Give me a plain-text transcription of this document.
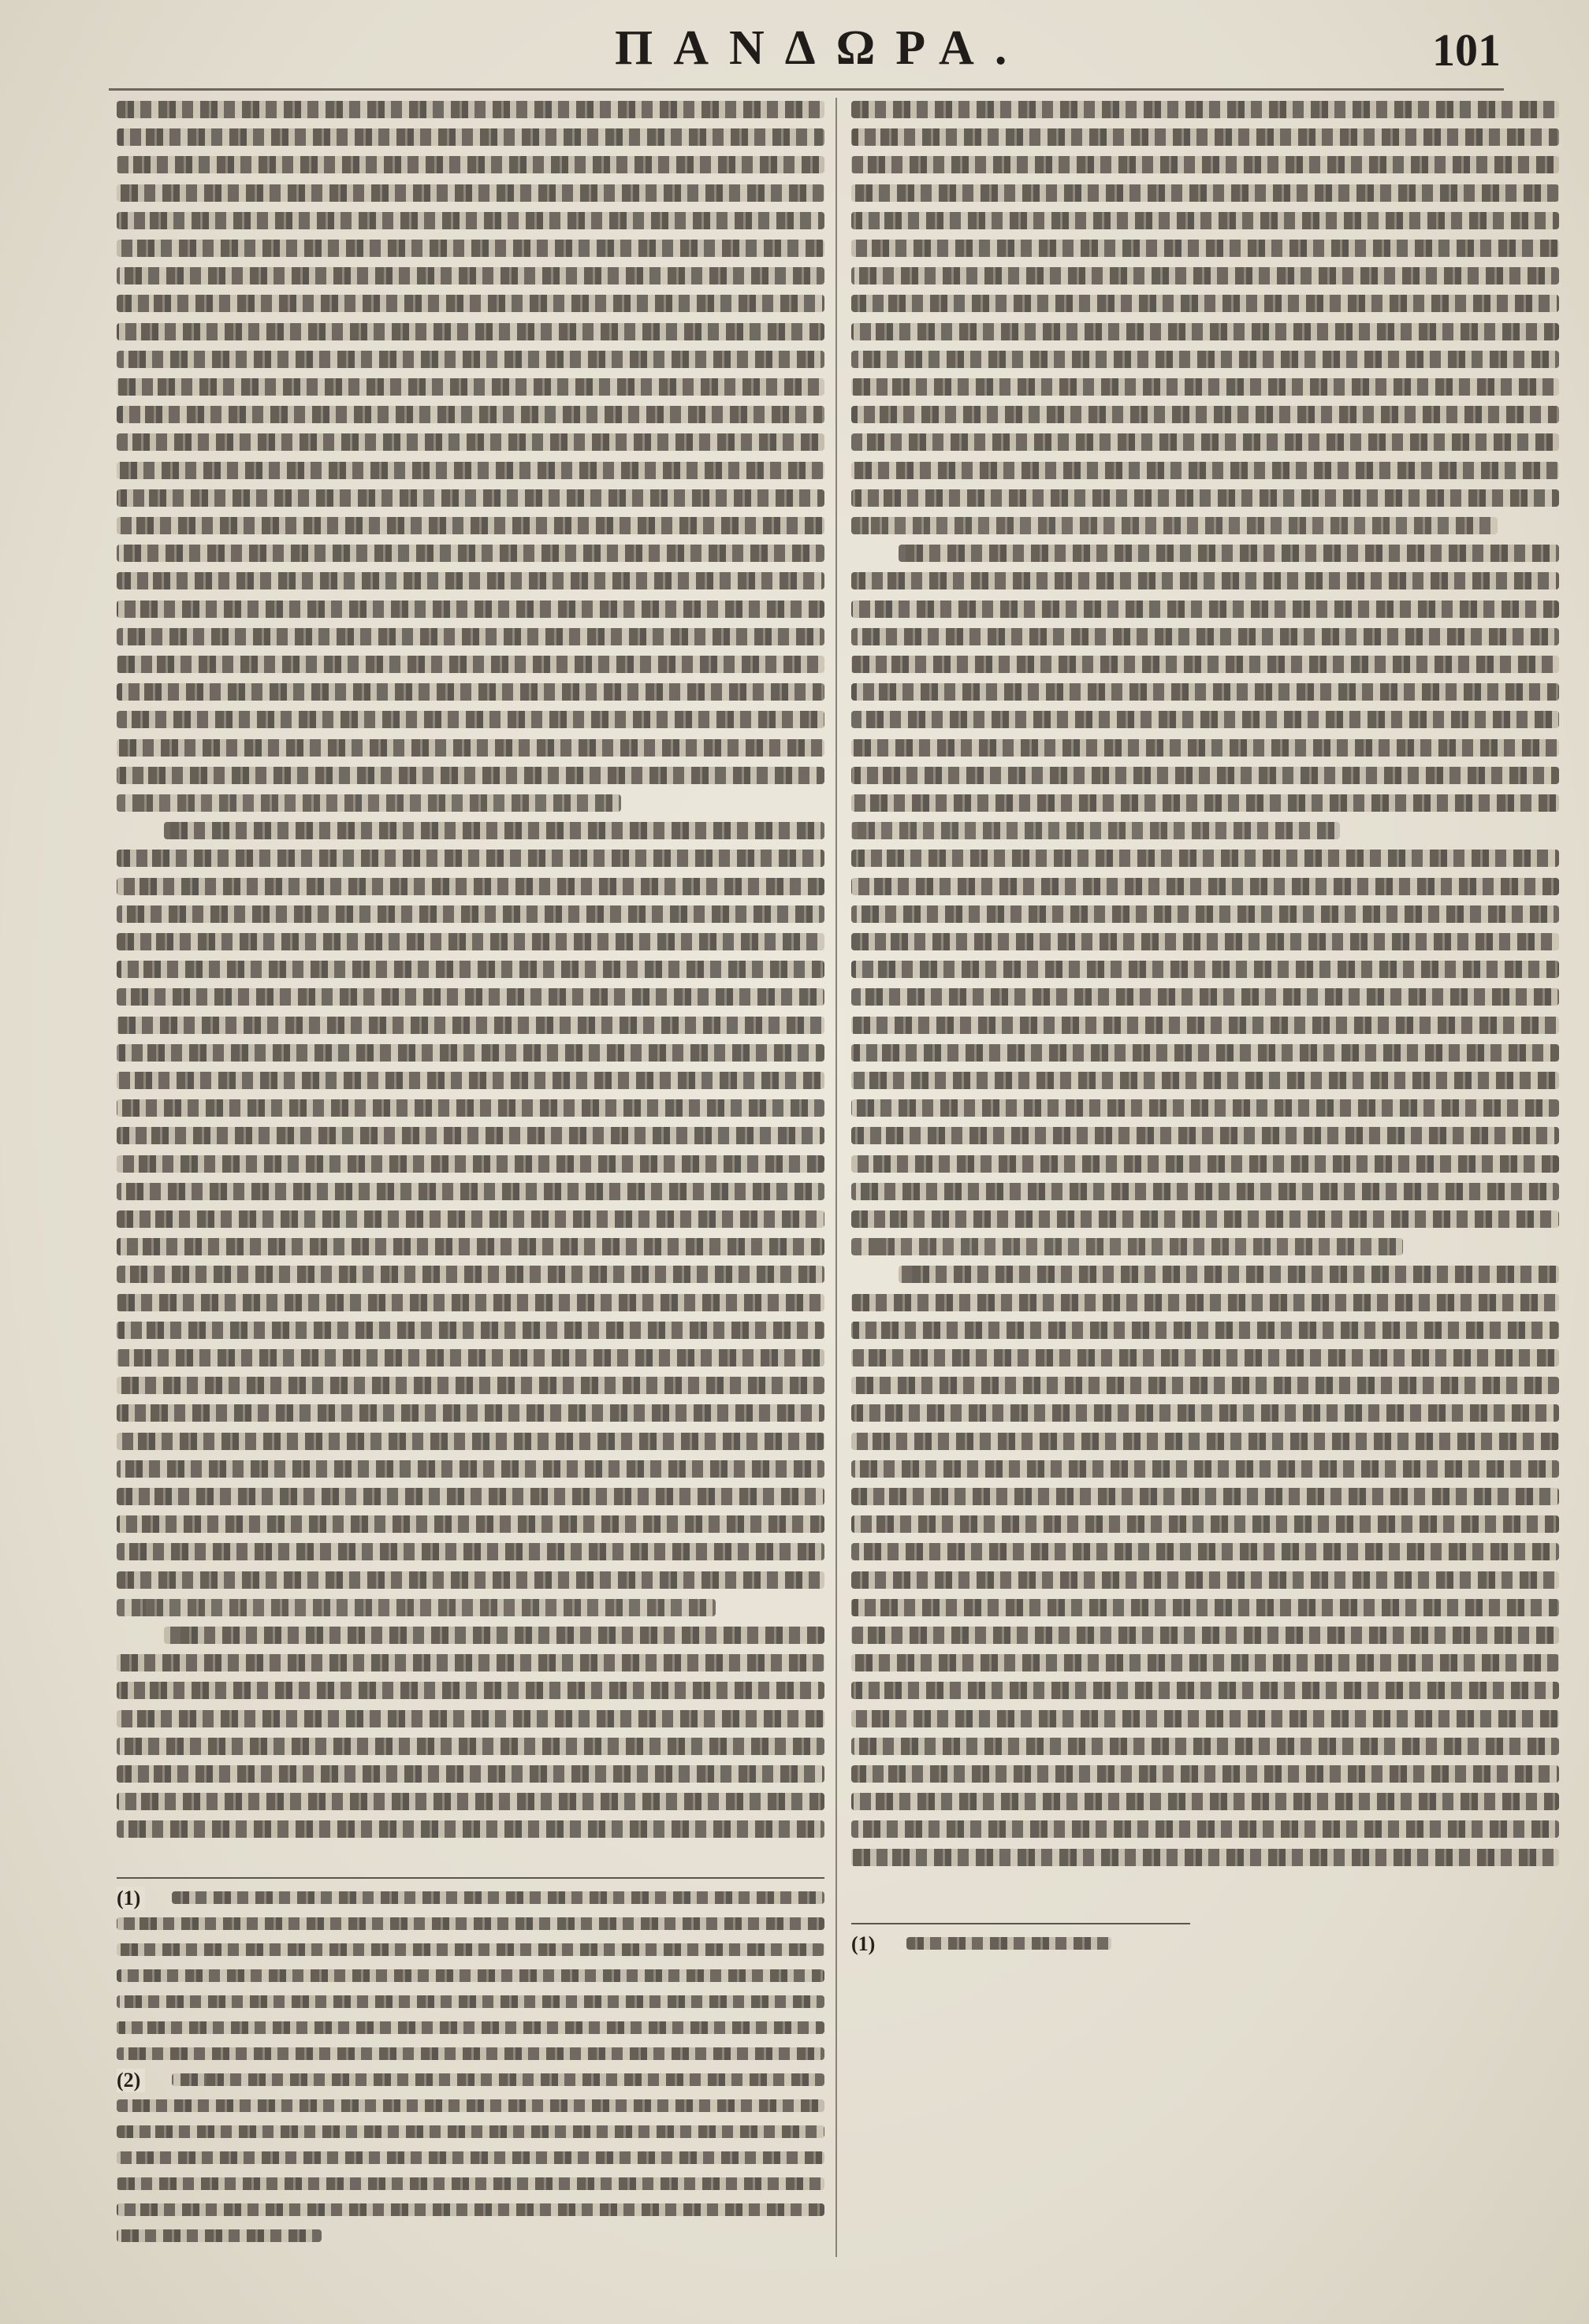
ΠΑΝΔΩΡΑ.	101
(1)
(2)
(1)
